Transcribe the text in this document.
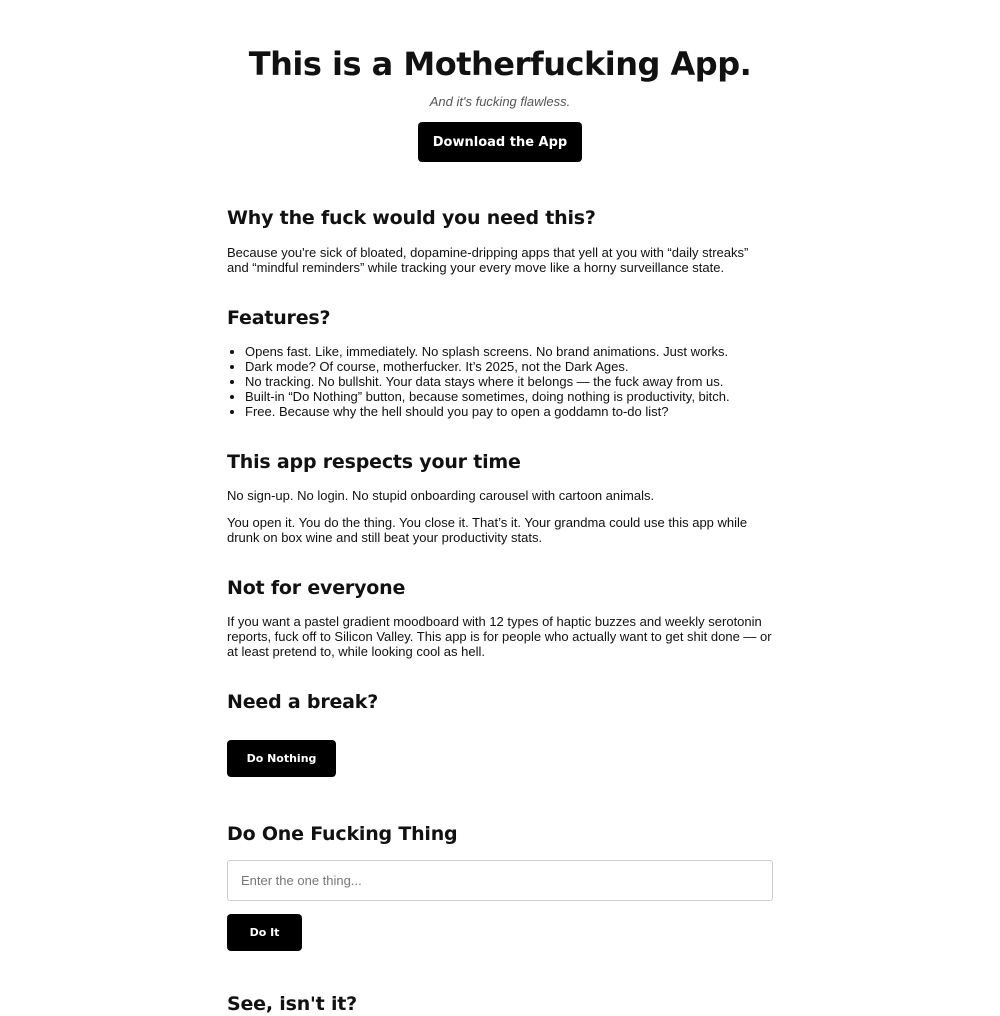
This is a Motherfucking App.

And it's fucking flawless.

Download the App
Why the fuck would you need this?

Because you're sick of bloated, dopamine-dripping apps that yell at you with “daily streaks” and “mindful reminders” while tracking your every move like a horny surveillance state.

Features?
• Opens fast. Like, immediately. No splash screens. No brand animations. Just works.
• Dark mode? Of course, motherfucker. It’s 2025, not the Dark Ages.
• No tracking. No bullshit. Your data stays where it belongs — the fuck away from us.
• Built-in “Do Nothing” button, because sometimes, doing nothing is productivity, bitch.
• Free. Because why the hell should you pay to open a goddamn to-do list?
This app respects your time

No sign-up. No login. No stupid onboarding carousel with cartoon animals.

You open it. You do the thing. You close it. That’s it. Your grandma could use this app while drunk on box wine and still beat your productivity stats.

Not for everyone

If you want a pastel gradient moodboard with 12 types of haptic buzzes and weekly serotonin reports, fuck off to Silicon Valley. This app is for people who actually want to get shit done — or at least pretend to, while looking cool as hell.

Need a break?
Do Nothing
Do One Fucking Thing
Enter the one thing...
Do It
See, isn't it?
